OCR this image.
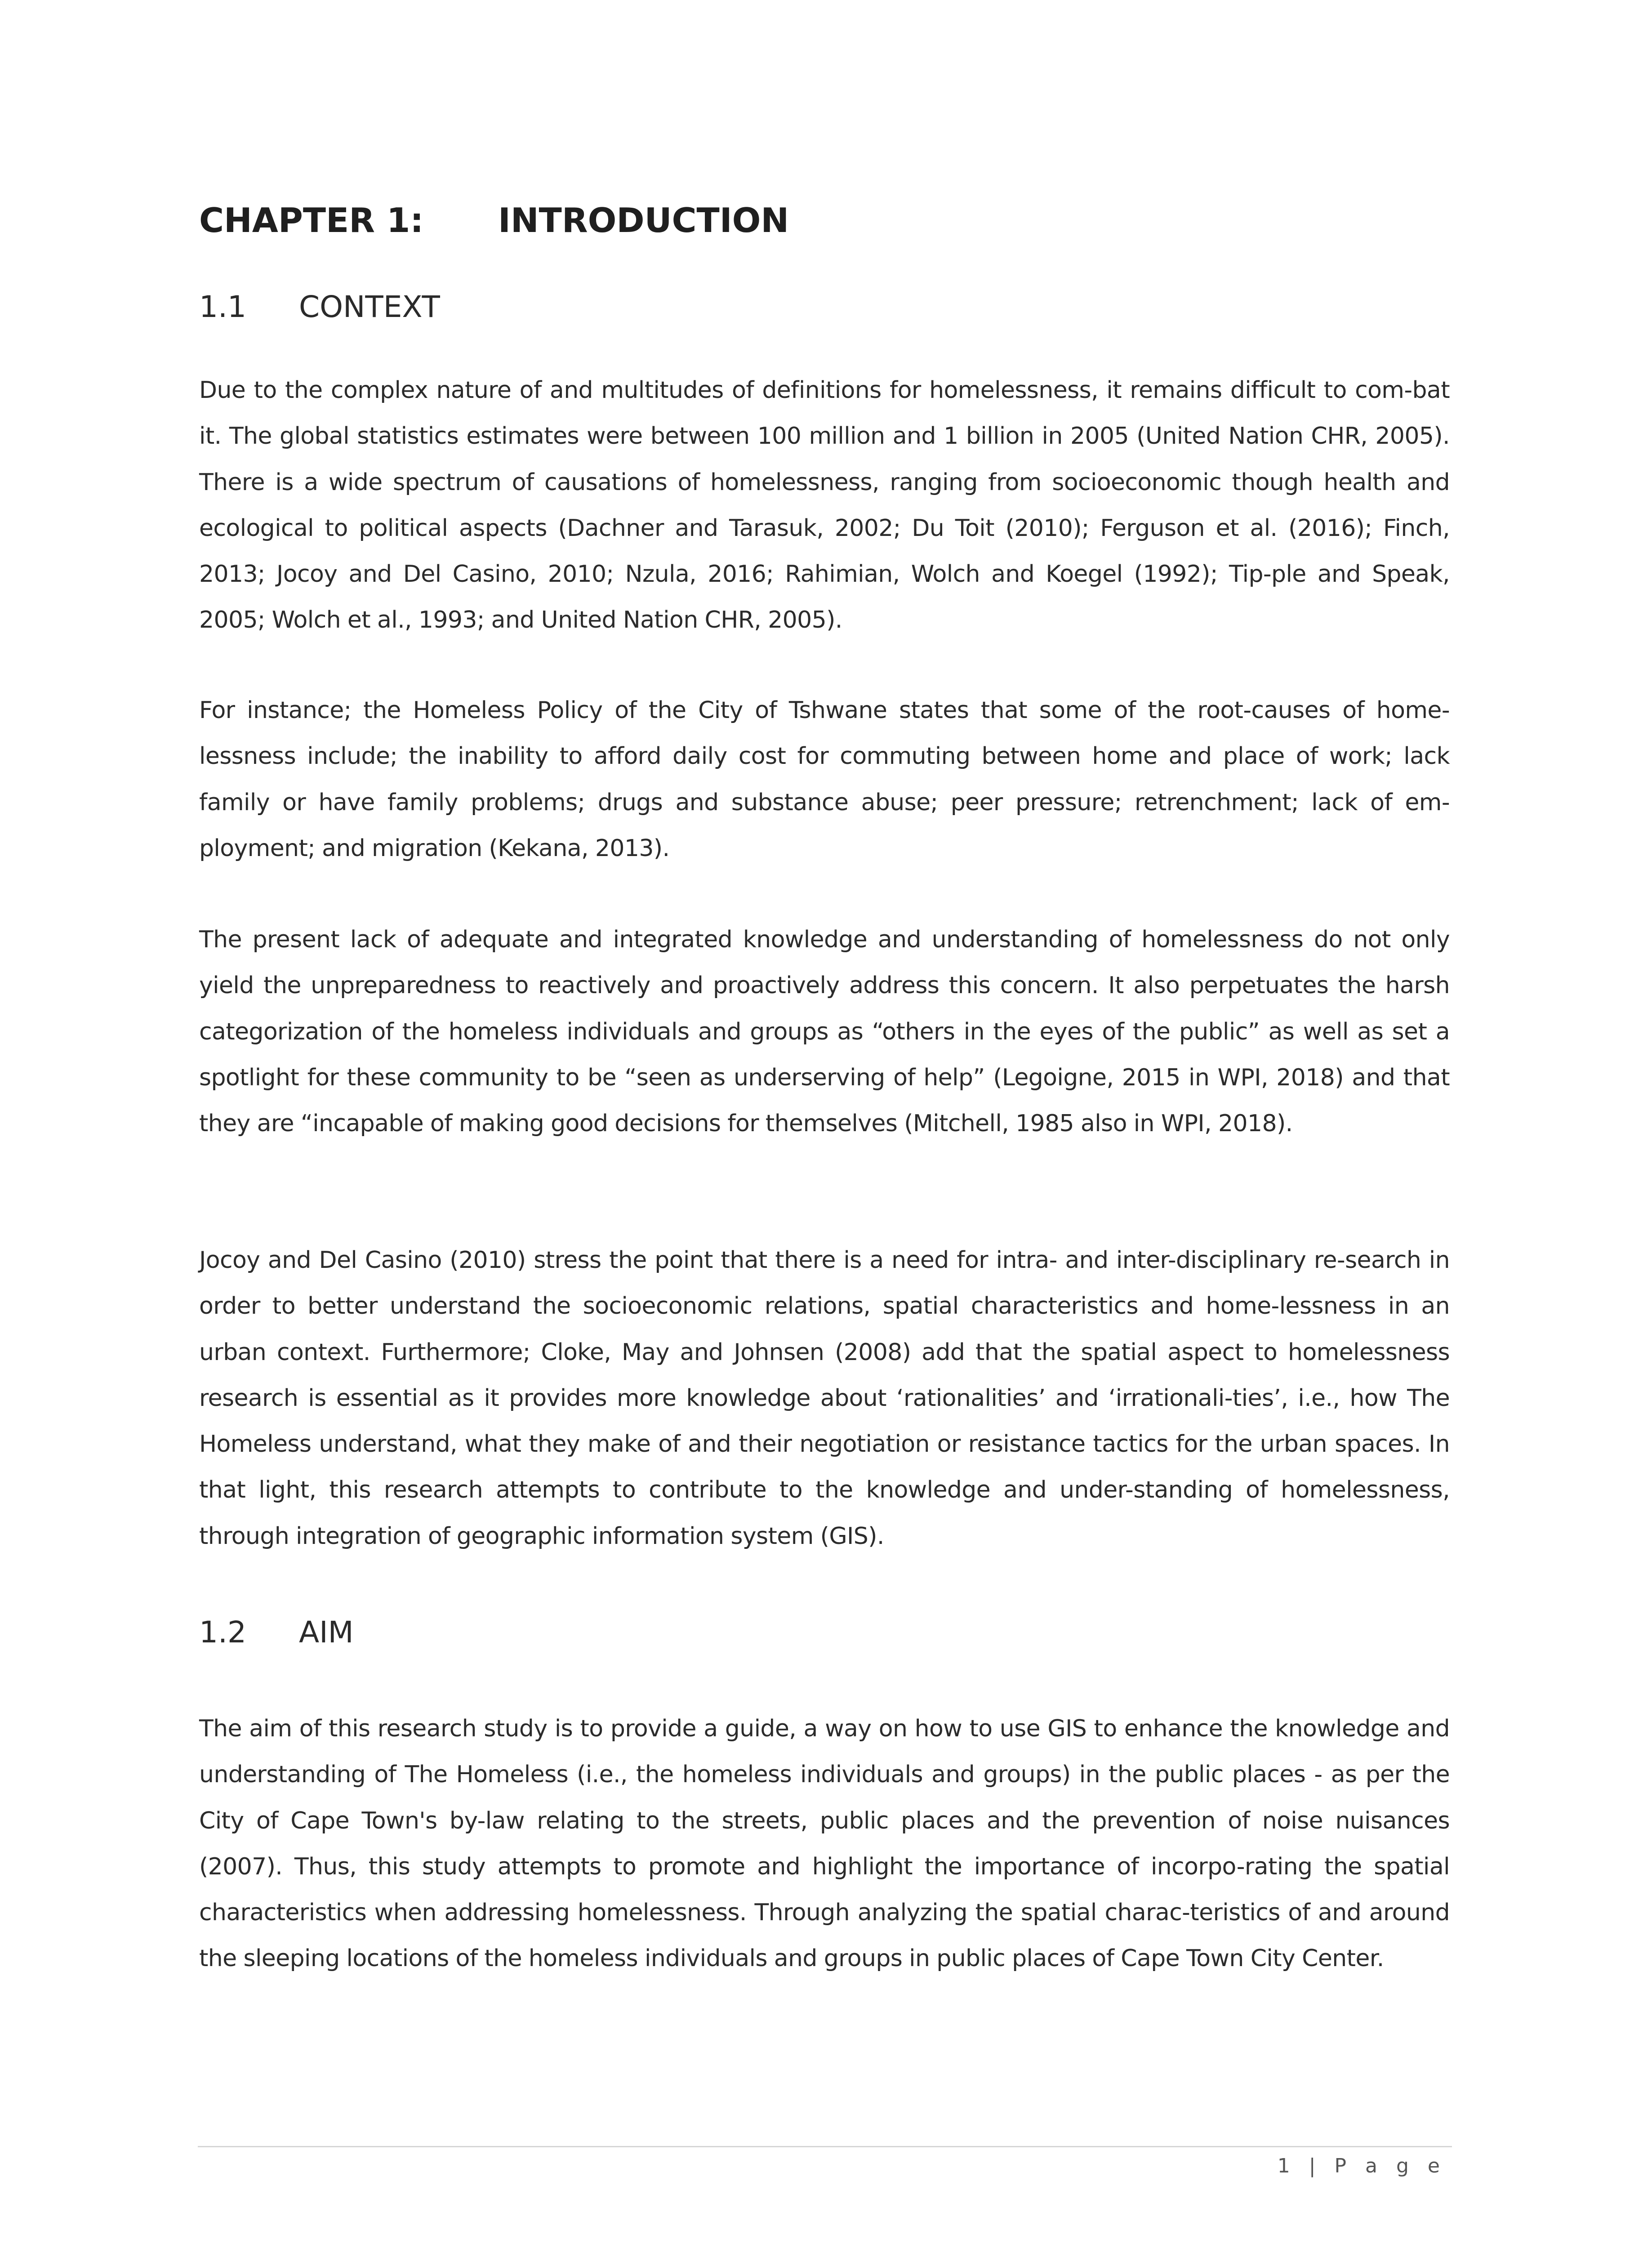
CHAPTER 1: INTRODUCTION
1.1 CONTEXT

Due to the complex nature of and multitudes of definitions for homelessness, it remains difficult to com-bat it. The global statistics estimates were between 100 million and 1 billion in 2005 (United Nation CHR, 2005). There is a wide spectrum of causations of homelessness, ranging from socioeconomic though health and ecological to political aspects (Dachner and Tarasuk, 2002; Du Toit (2010); Ferguson et al. (2016); Finch, 2013; Jocoy and Del Casino, 2010; Nzula, 2016; Rahimian, Wolch and Koegel (1992); Tip-ple and Speak, 2005; Wolch et al., 1993; and United Nation CHR, 2005).

For instance; the Homeless Policy of the City of Tshwane states that some of the root-causes of home-lessness include; the inability to afford daily cost for commuting between home and place of work; lack family or have family problems; drugs and substance abuse; peer pressure; retrenchment; lack of em-ployment; and migration (Kekana, 2013).

The present lack of adequate and integrated knowledge and understanding of homelessness do not only yield the unpreparedness to reactively and proactively address this concern. It also perpetuates the harsh categorization of the homeless individuals and groups as “others in the eyes of the public” as well as set a spotlight for these community to be “seen as underserving of help” (Legoigne, 2015 in WPI, 2018) and that they are “incapable of making good decisions for themselves (Mitchell, 1985 also in WPI, 2018).

Jocoy and Del Casino (2010) stress the point that there is a need for intra- and inter-disciplinary re-search in order to better understand the socioeconomic relations, spatial characteristics and home-lessness in an urban context. Furthermore; Cloke, May and Johnsen (2008) add that the spatial aspect to homelessness research is essential as it provides more knowledge about ‘rationalities’ and ‘irrationali-ties’, i.e., how The Homeless understand, what they make of and their negotiation or resistance tactics for the urban spaces. In that light, this research attempts to contribute to the knowledge and under-standing of homelessness, through integration of geographic information system (GIS).

1.2 AIM

The aim of this research study is to provide a guide, a way on how to use GIS to enhance the knowledge and understanding of The Homeless (i.e., the homeless individuals and groups) in the public places - as per the City of Cape Town's by-law relating to the streets, public places and the prevention of noise nuisances (2007). Thus, this study attempts to promote and highlight the importance of incorpo-rating the spatial characteristics when addressing homelessness. Through analyzing the spatial charac-teristics of and around the sleeping locations of the homeless individuals and groups in public places of Cape Town City Center.

1 | P a g e
